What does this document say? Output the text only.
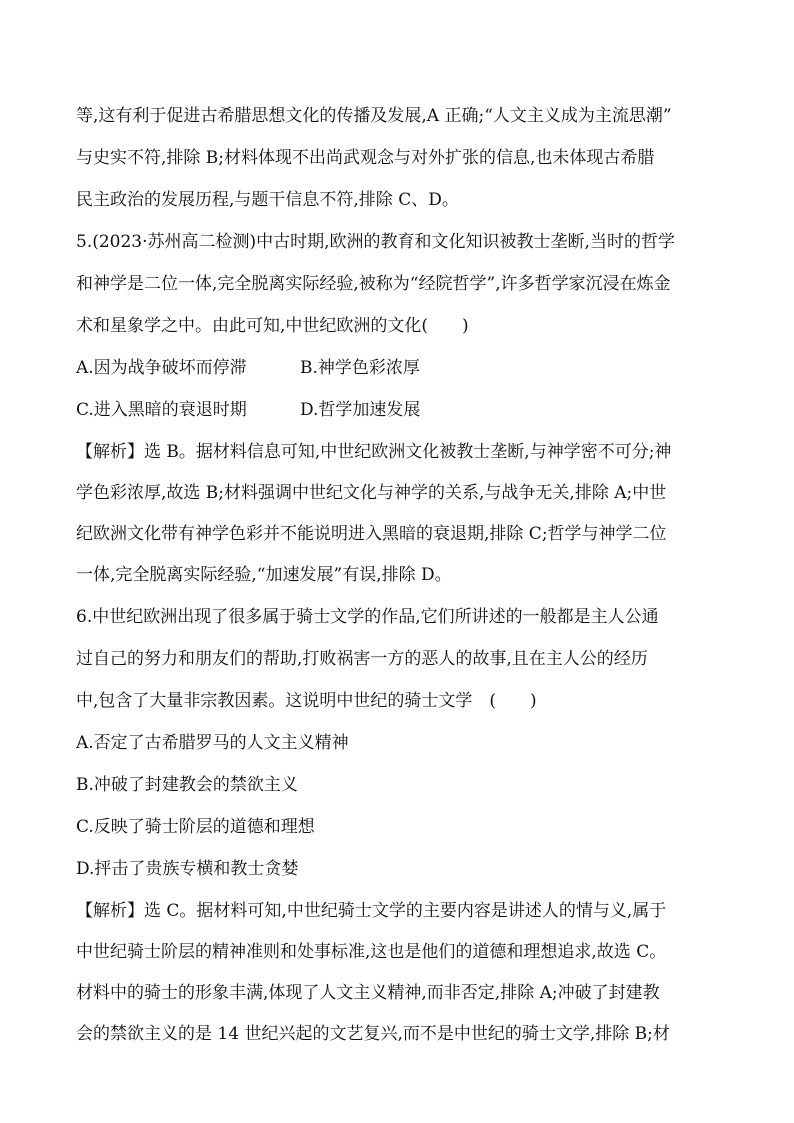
等,这有利于促进古希腊思想文化的传播及发展,A 正确;“人文主义成为主流思潮”
与史实不符,排除 B;材料体现不出尚武观念与对外扩张的信息,也未体现古希腊
民主政治的发展历程,与题干信息不符,排除 C、D。
5.(2023·苏州高二检测)中古时期,欧洲的教育和文化知识被教士垄断,当时的哲学
和神学是二位一体,完全脱离实际经验,被称为“经院哲学”,许多哲学家沉浸在炼金
术和星象学之中。由此可知,中世纪欧洲的文化(　　)
A.因为战争破坏而停滞	B.神学色彩浓厚
C.进入黑暗的衰退时期	D.哲学加速发展
【解析】选 B。据材料信息可知,中世纪欧洲文化被教士垄断,与神学密不可分;神
学色彩浓厚,故选 B;材料强调中世纪文化与神学的关系,与战争无关,排除 A;中世
纪欧洲文化带有神学色彩并不能说明进入黑暗的衰退期,排除 C;哲学与神学二位
一体,完全脱离实际经验,“加速发展”有误,排除 D。
6.中世纪欧洲出现了很多属于骑士文学的作品,它们所讲述的一般都是主人公通
过自己的努力和朋友们的帮助,打败祸害一方的恶人的故事,且在主人公的经历
中,包含了大量非宗教因素。这说明中世纪的骑士文学　(　　)
A.否定了古希腊罗马的人文主义精神
B.冲破了封建教会的禁欲主义
C.反映了骑士阶层的道德和理想
D.抨击了贵族专横和教士贪婪
【解析】选 C。据材料可知,中世纪骑士文学的主要内容是讲述人的情与义,属于
中世纪骑士阶层的精神准则和处事标准,这也是他们的道德和理想追求,故选 C。
材料中的骑士的形象丰满,体现了人文主义精神,而非否定,排除 A;冲破了封建教
会的禁欲主义的是 14 世纪兴起的文艺复兴,而不是中世纪的骑士文学,排除 B;材
